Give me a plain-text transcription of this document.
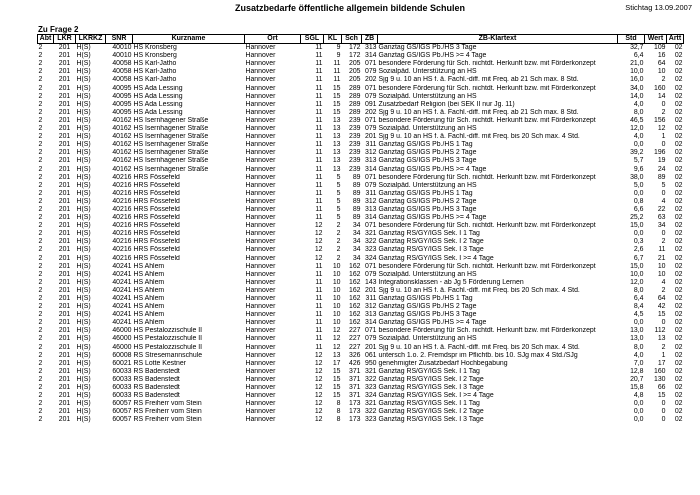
Zusatzbedarfe öffentliche allgemein bildende Schulen	Stichtag 13.09.2007
Zu Frage 2
Abt	LKR	LKRKZ	SNR	Kurzname	Ort	SGL	KL	Sch	ZB	ZB-Klartext	Std	Wert	Artt
2	201	H(S)	40010	HS Kronsberg	Hannover	11	9	172	313	Ganztag GS/IGS Pb./HS 3 Tage	32,7	109	02
2	201	H(S)	40010	HS Kronsberg	Hannover	11	9	172	314	Ganztag GS/IGS Pb./HS >= 4 Tage	6,4	16	02
2	201	H(S)	40058	HS Karl-Jatho	Hannover	11	11	205	071	besondere Förderung für Sch. nichtdt. Herkunft bzw. mit Förderkonzept	21,0	64	02
2	201	H(S)	40058	HS Karl-Jatho	Hannover	11	11	205	079	Sozialpäd. Unterstützung an HS	10,0	10	02
2	201	H(S)	40058	HS Karl-Jatho	Hannover	11	11	205	202	Sjg 9 u. 10 an HS f. ä. Fachl.-diff. mit Freq. ab 21 Sch max. 8 Std.	16,0	2	02
2	201	H(S)	40095	HS Ada Lessing	Hannover	11	15	289	071	besondere Förderung für Sch. nichtdt. Herkunft bzw. mit Förderkonzept	34,0	160	02
2	201	H(S)	40095	HS Ada Lessing	Hannover	11	15	289	079	Sozialpäd. Unterstützung an HS	14,0	14	02
2	201	H(S)	40095	HS Ada Lessing	Hannover	11	15	289	091	Zusatzbedarf Religion (bei SEK II nur Jg. 11)	4,0	0	02
2	201	H(S)	40095	HS Ada Lessing	Hannover	11	15	289	202	Sjg 9 u. 10 an HS f. ä. Fachl.-diff. mit Freq. ab 21 Sch max. 8 Std.	8,0	2	02
2	201	H(S)	40162	HS Isernhagener Straße	Hannover	11	13	239	071	besondere Förderung für Sch. nichtdt. Herkunft bzw. mit Förderkonzept	46,5	156	02
2	201	H(S)	40162	HS Isernhagener Straße	Hannover	11	13	239	079	Sozialpäd. Unterstützung an HS	12,0	12	02
2	201	H(S)	40162	HS Isernhagener Straße	Hannover	11	13	239	201	Sjg 9 u. 10 an HS f. ä. Fachl.-diff. mit Freq. bis 20 Sch max. 4 Std.	4,0	1	02
2	201	H(S)	40162	HS Isernhagener Straße	Hannover	11	13	239	311	Ganztag GS/IGS Pb./HS 1 Tag	0,0	0	02
2	201	H(S)	40162	HS Isernhagener Straße	Hannover	11	13	239	312	Ganztag GS/IGS Pb./HS 2 Tage	39,2	196	02
2	201	H(S)	40162	HS Isernhagener Straße	Hannover	11	13	239	313	Ganztag GS/IGS Pb./HS 3 Tage	5,7	19	02
2	201	H(S)	40162	HS Isernhagener Straße	Hannover	11	13	239	314	Ganztag GS/IGS Pb./HS >= 4 Tage	9,6	24	02
2	201	H(S)	40216	HRS Fössefeld	Hannover	11	5	89	071	besondere Förderung für Sch. nichtdt. Herkunft bzw. mit Förderkonzept	38,0	89	02
2	201	H(S)	40216	HRS Fössefeld	Hannover	11	5	89	079	Sozialpäd. Unterstützung an HS	5,0	5	02
2	201	H(S)	40216	HRS Fössefeld	Hannover	11	5	89	311	Ganztag GS/IGS Pb./HS 1 Tag	0,0	0	02
2	201	H(S)	40216	HRS Fössefeld	Hannover	11	5	89	312	Ganztag GS/IGS Pb./HS 2 Tage	0,8	4	02
2	201	H(S)	40216	HRS Fössefeld	Hannover	11	5	89	313	Ganztag GS/IGS Pb./HS 3 Tage	6,6	22	02
2	201	H(S)	40216	HRS Fössefeld	Hannover	11	5	89	314	Ganztag GS/IGS Pb./HS >= 4 Tage	25,2	63	02
2	201	H(S)	40216	HRS Fössefeld	Hannover	12	2	34	071	besondere Förderung für Sch. nichtdt. Herkunft bzw. mit Förderkonzept	15,0	34	02
2	201	H(S)	40216	HRS Fössefeld	Hannover	12	2	34	321	Ganztag RS/GY/IGS Sek. I 1 Tag	0,0	0	02
2	201	H(S)	40216	HRS Fössefeld	Hannover	12	2	34	322	Ganztag RS/GY/IGS Sek. I 2 Tage	0,3	2	02
2	201	H(S)	40216	HRS Fössefeld	Hannover	12	2	34	323	Ganztag RS/GY/IGS Sek. I 3 Tage	2,6	11	02
2	201	H(S)	40216	HRS Fössefeld	Hannover	12	2	34	324	Ganztag RS/GY/IGS Sek. I >= 4 Tage	6,7	21	02
2	201	H(S)	40241	HS Ahlem	Hannover	11	10	162	071	besondere Förderung für Sch. nichtdt. Herkunft bzw. mit Förderkonzept	15,0	10	02
2	201	H(S)	40241	HS Ahlem	Hannover	11	10	162	079	Sozialpäd. Unterstützung an HS	10,0	10	02
2	201	H(S)	40241	HS Ahlem	Hannover	11	10	162	143	Integrationsklassen - ab Jg 5 Förderung Lernen	12,0	4	02
2	201	H(S)	40241	HS Ahlem	Hannover	11	10	162	201	Sjg 9 u. 10 an HS f. ä. Fachl.-diff. mit Freq. bis 20 Sch max. 4 Std.	8,0	2	02
2	201	H(S)	40241	HS Ahlem	Hannover	11	10	162	311	Ganztag GS/IGS Pb./HS 1 Tag	6,4	64	02
2	201	H(S)	40241	HS Ahlem	Hannover	11	10	162	312	Ganztag GS/IGS Pb./HS 2 Tage	8,4	42	02
2	201	H(S)	40241	HS Ahlem	Hannover	11	10	162	313	Ganztag GS/IGS Pb./HS 3 Tage	4,5	15	02
2	201	H(S)	40241	HS Ahlem	Hannover	11	10	162	314	Ganztag GS/IGS Pb./HS >= 4 Tage	0,0	0	02
2	201	H(S)	46000	HS Pestalozzischule II	Hannover	11	12	227	071	besondere Förderung für Sch. nichtdt. Herkunft bzw. mit Förderkonzept	13,0	112	02
2	201	H(S)	46000	HS Pestalozzischule II	Hannover	11	12	227	079	Sozialpäd. Unterstützung an HS	13,0	13	02
2	201	H(S)	46000	HS Pestalozzischule II	Hannover	11	12	227	201	Sjg 9 u. 10 an HS f. ä. Fachl.-diff. mit Freq. bis 20 Sch max. 4 Std.	8,0	2	02
2	201	H(S)	60008	RS Stresemannschule	Hannover	12	13	326	061	untersch 1.o. 2. Fremdspr im Pflichtb. bis 10. SJg max 4 Std./SJg	4,0	1	02
2	201	H(S)	60021	RS Lotte Kestner	Hannover	12	17	426	950	genehmigter Zusatzbedarf Hochbegabung	7,0	17	02
2	201	H(S)	60033	RS Badenstedt	Hannover	12	15	371	321	Ganztag RS/GY/IGS Sek. I 1 Tag	12,8	160	02
2	201	H(S)	60033	RS Badenstedt	Hannover	12	15	371	322	Ganztag RS/GY/IGS Sek. I 2 Tage	20,7	130	02
2	201	H(S)	60033	RS Badenstedt	Hannover	12	15	371	323	Ganztag RS/GY/IGS Sek. I 3 Tage	15,8	66	02
2	201	H(S)	60033	RS Badenstedt	Hannover	12	15	371	324	Ganztag RS/GY/IGS Sek. I >= 4 Tage	4,8	15	02
2	201	H(S)	60057	RS Freiherr vom Stein	Hannover	12	8	173	321	Ganztag RS/GY/IGS Sek. I 1 Tag	0,0	0	02
2	201	H(S)	60057	RS Freiherr vom Stein	Hannover	12	8	173	322	Ganztag RS/GY/IGS Sek. I 2 Tage	0,0	0	02
2	201	H(S)	60057	RS Freiherr vom Stein	Hannover	12	8	173	323	Ganztag RS/GY/IGS Sek. I 3 Tage	0,0	0	02
